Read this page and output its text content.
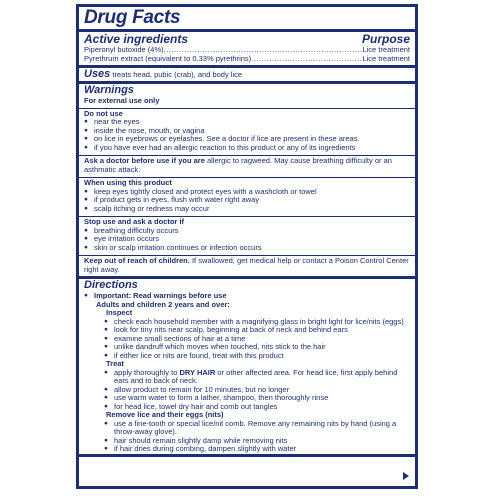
Drug Facts
Active ingredients	Purpose
Piperonyl butoxide (4%) .....	Lice treatment
Pyrethrum extract (equivalent to 0.33% pyrethrins) .....	Lice treatment
Uses treats head, pubic (crab), and body lice
Warnings
For external use only
Do not use
● near the eyes
● inside the nose, mouth, or vagina
● on lice in eyebrows or eyelashes. See a doctor if lice are present in these areas.
● if you have ever had an allergic reaction to this product or any of its ingredients
Ask a doctor before use if you are allergic to ragweed. May cause breathing difficulty or an asthmatic attack.
When using this product
● keep eyes tightly closed and protect eyes with a washcloth or towel
● if product gets in eyes, flush with water right away
● scalp itching or redness may occur
Stop use and ask a doctor if
● breathing difficulty occurs
● eye irritation occurs
● skin or scalp irritation continues or infection occurs
Keep out of reach of children. If swallowed, get medical help or contact a Poison Control Center right away.
Directions
● Important: Read warnings before use
Adults and children 2 years and over:
Inspect
● check each household member with a magnifying glass in bright light for lice/nits (eggs)
● look for tiny nits near scalp, beginning at back of neck and behind ears
● examine small sections of hair at a time
● unlike dandruff which moves when touched, nits stick to the hair
● if either lice or nits are found, treat with this product
Treat
● apply thoroughly to DRY HAIR or other affected area. For head lice, first apply behind ears and to back of neck.
● allow product to remain for 10 minutes, but no longer
● use warm water to form a lather, shampoo, then thoroughly rinse
● for head lice, towel dry hair and comb out tangles
Remove lice and their eggs (nits)
● use a fine-tooth or special lice/nit comb. Remove any remaining nits by hand (using a throw-away glove).
● hair should remain slightly damp while removing nits
● if hair dries during combing, dampen slightly with water
